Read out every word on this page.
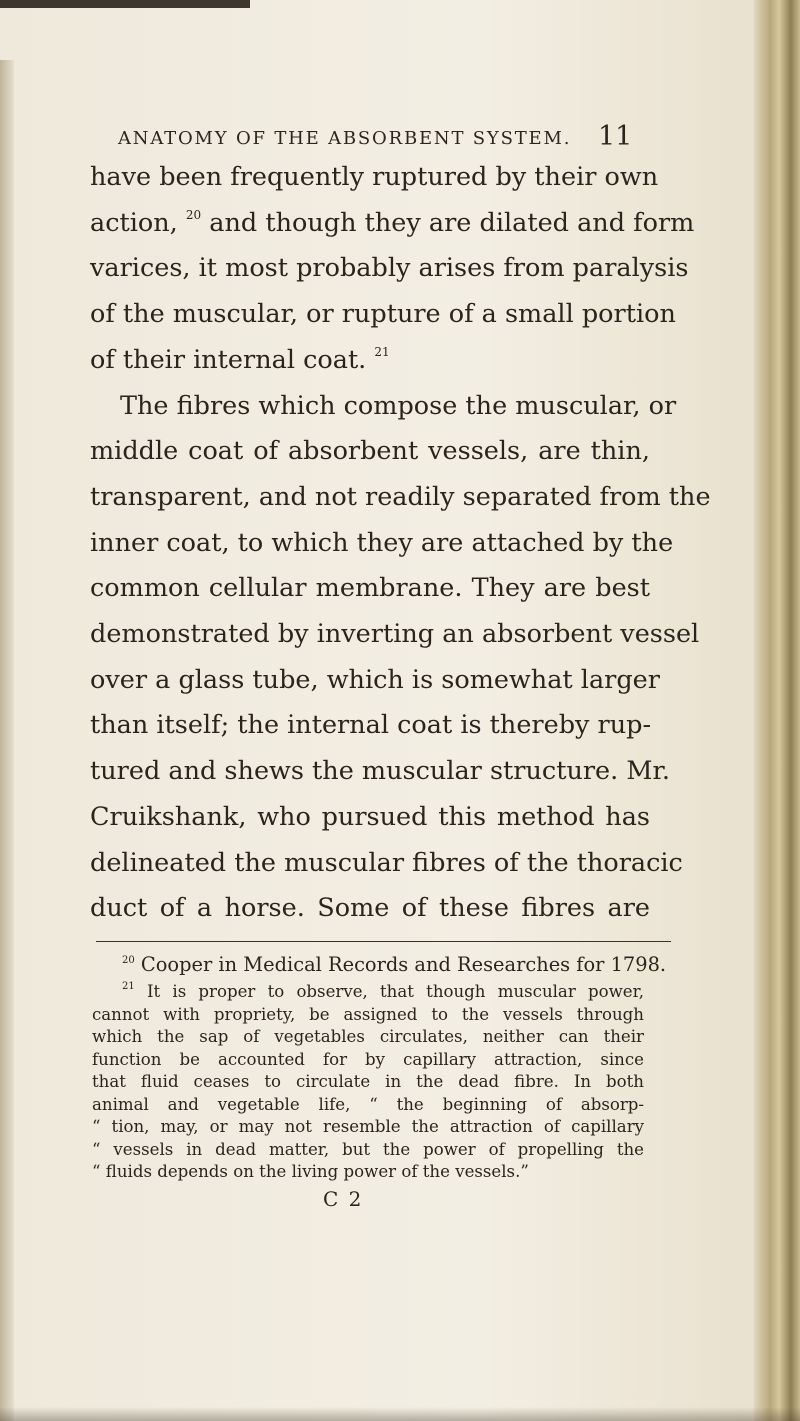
ANATOMY OF THE ABSORBENT SYSTEM. 11
have been frequently ruptured by their own
action, $^{20}$ and though they are dilated and form
varices, it most probably arises from paralysis
of the muscular, or rupture of a small portion
of their internal coat. $^{21}$
The fibres which compose the muscular, or
middle coat of absorbent vessels, are thin,
transparent, and not readily separated from the
inner coat, to which they are attached by the
common cellular membrane. They are best
demonstrated by inverting an absorbent vessel
over a glass tube, which is somewhat larger
than itself; the internal coat is thereby rup-
tured and shews the muscular structure. Mr.
Cruikshank, who pursued this method has
delineated the muscular fibres of the thoracic
duct of a horse. Some of these fibres are
$^{20}$ Cooper in Medical Records and Researches for 1798.
$^{21}$ It is proper to observe, that though muscular power,
cannot with propriety, be assigned to the vessels through
which the sap of vegetables circulates, neither can their
function be accounted for by capillary attraction, since
that fluid ceases to circulate in the dead fibre. In both
animal and vegetable life, “ the beginning of absorp-
“ tion, may, or may not resemble the attraction of capillary
“ vessels in dead matter, but the power of propelling the
“ fluids depends on the living power of the vessels.”
C 2
